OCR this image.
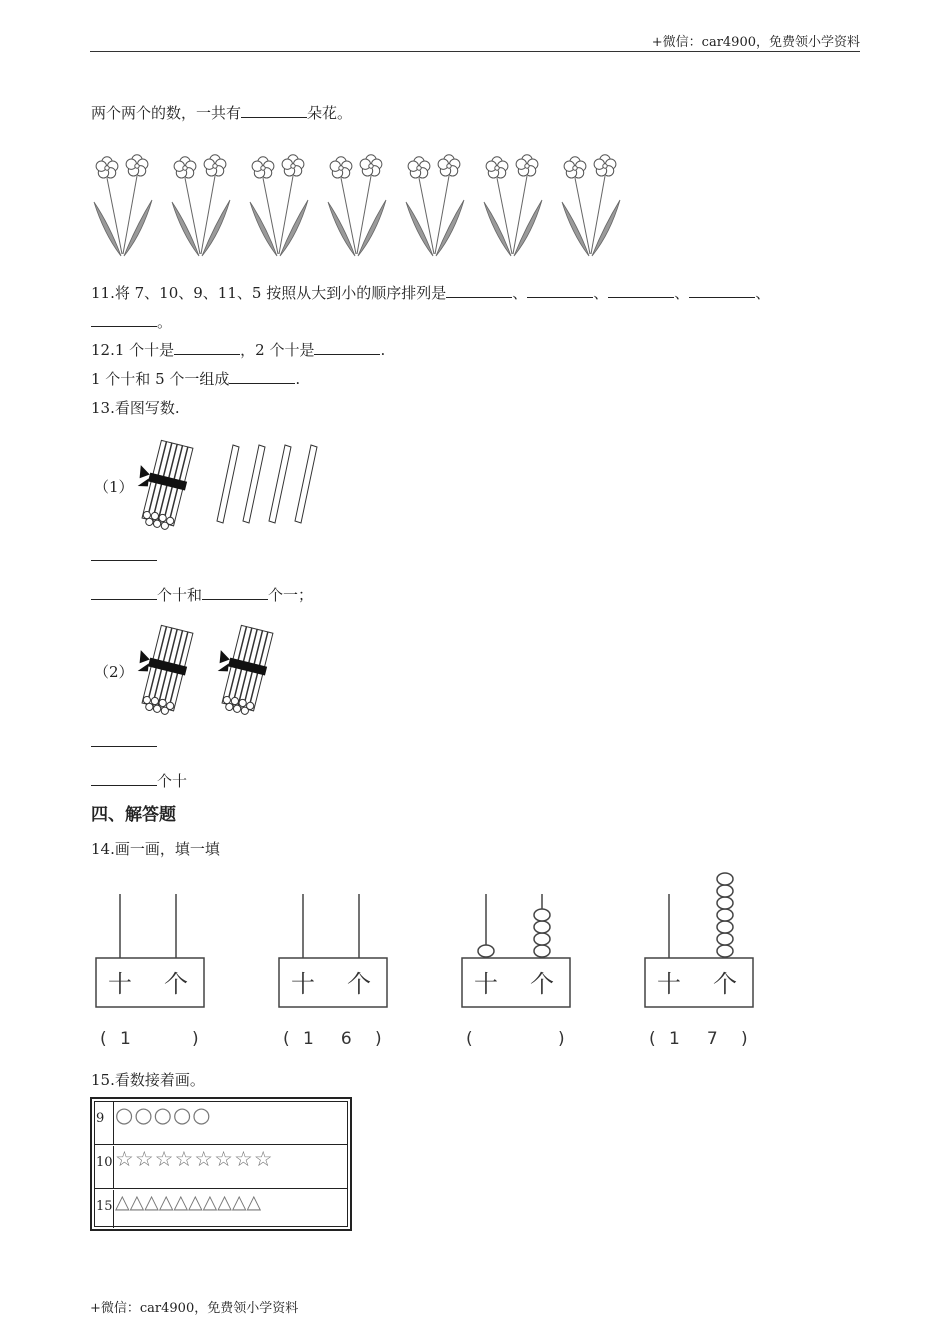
+微信：car4900，免费领小学资料
+微信：car4900，免费领小学资料
两个两个的数，一共有	朵花。
11.将 7、10、9、11、5 按照从大到小的顺序排列是	、	、	、	、
。
12.1 个十是	，2 个十是	.
1 个十和 5 个一组成	.
13.看图写数.
（1）
个十和	个一；
（2）
个十
四、解答题
14.画一画，填一填
十 个
( 1	)
十 个
( 1     6 )
十 个
(	)
十 个
( 1     7 )
15.看数接着画。
9 ○○○○○
10 ☆☆☆☆☆☆☆☆
15 △△△△△△△△△△
